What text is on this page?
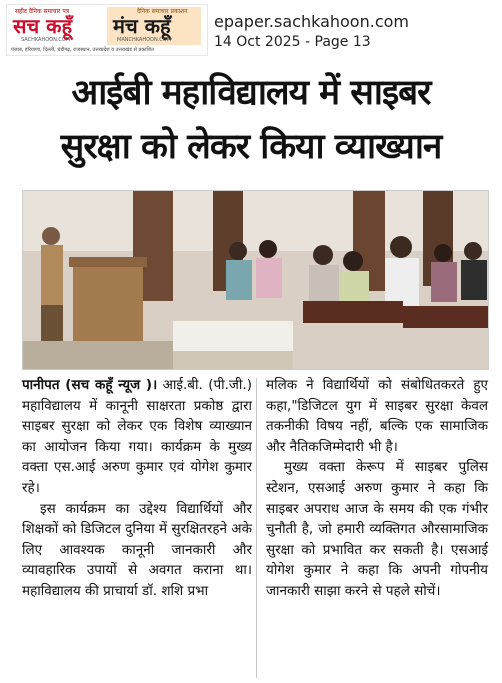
सहीद दैनिक समाचार पत्र
सच कहूँ
SACHKAHOON.COM
दैनिक समाचार प्रकाशन
मंच कहूँ
MANCHKAHOON.COM
पंजाब, हरियाणा, दिल्ली, चंडीगढ़, राजस्थान, उत्तरप्रदेश व उत्तराखंड से प्रकाशित
epaper.sachkahoon.com
14 Oct 2025 - Page 13
आईबी महाविद्यालय में साइबर
सुरक्षा को लेकर किया व्याख्यान

पानीपत (सच कहूँ न्यूज )। आई.बी. (पी.जी.) महाविद्यालय में कानूनी साक्षरता प्रकोष्ठ द्वारा साइबर सुरक्षा को लेकर एक विशेष व्याख्यान का आयोजन किया गया। कार्यक्रम के मुख्य वक्ता एस.आई अरुण कुमार एवं योगेश कुमार रहे।

इस कार्यक्रम का उद्देश्य विद्यार्थियों और शिक्षकों को डिजिटल दुनिया में सुरक्षितरहने अके लिए आवश्यक कानूनी जानकारी और व्यावहारिक उपायों से अवगत कराना था। महाविद्यालय की प्राचार्या डॉ. शशि प्रभा

मलिक ने विद्यार्थियों को संबोधितकरते हुए कहा,"डिजिटल युग में साइबर सुरक्षा केवल तकनीकी विषय नहीं, बल्कि एक सामाजिक और नैतिकजिम्मेदारी भी है।

मुख्य वक्ता केरूप में साइबर पुलिस स्टेशन, एसआई अरुण कुमार ने कहा कि साइबर अपराध आज के समय की एक गंभीर चुनौती है, जो हमारी व्यक्तिगत औरसामाजिक सुरक्षा को प्रभावित कर सकती है। एसआई योगेश कुमार ने कहा कि अपनी गोपनीय जानकारी साझा करने से पहले सोचें।
